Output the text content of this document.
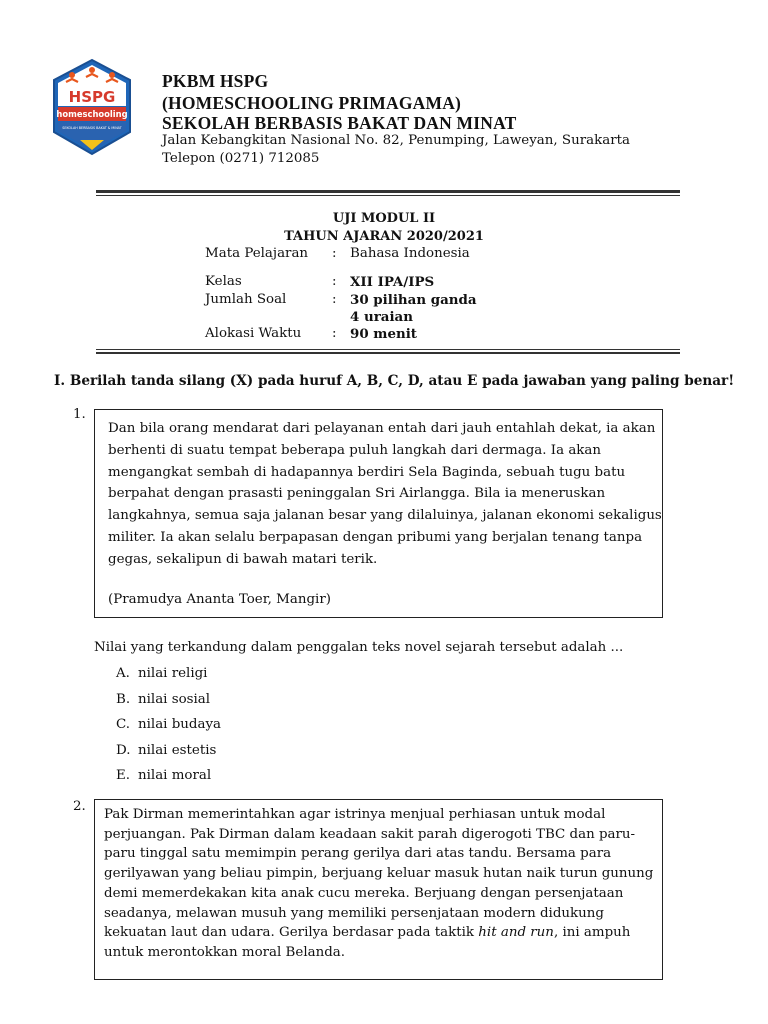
HSPG
homeschooling
SEKOLAH BERBASIS BAKAT & MINAT
PKBM HSPG
(HOMESCHOOLING PRIMAGAMA)
SEKOLAH BERBASIS BAKAT DAN MINAT
Jalan Kebangkitan Nasional No. 82, Penumping, Laweyan, Surakarta
Telepon (0271) 712085
UJI MODUL II
TAHUN AJARAN 2020/2021
Mata Pelajaran : Bahasa Indonesia
Kelas	: XII IPA/IPS
Jumlah Soal	: 30 pilihan ganda
4 uraian
Alokasi Waktu : 90 menit
I. Berilah tanda silang (X) pada huruf A, B, C, D, atau E pada jawaban yang paling benar!
1.

Dan bila orang mendarat dari pelayanan entah dari jauh entahlah dekat, ia akan

berhenti di suatu tempat beberapa puluh langkah dari dermaga. Ia akan

mengangkat sembah di hadapannya berdiri Sela Baginda, sebuah tugu batu

berpahat dengan prasasti peninggalan Sri Airlangga. Bila ia meneruskan

langkahnya, semua saja jalanan besar yang dilaluinya, jalanan ekonomi sekaligus

militer. Ia akan selalu berpapasan dengan pribumi yang berjalan tenang tanpa

gegas, sekalipun di bawah matari terik.

(Pramudya Ananta Toer, Mangir)

Nilai yang terkandung dalam penggalan teks novel sejarah tersebut adalah ...
A. nilai religi
B. nilai sosial
C. nilai budaya
D. nilai estetis
E. nilai moral
2.

Pak Dirman memerintahkan agar istrinya menjual perhiasan untuk modal

perjuangan. Pak Dirman dalam keadaan sakit parah digerogoti TBC dan paru-

paru tinggal satu memimpin perang gerilya dari atas tandu. Bersama para

gerilyawan yang beliau pimpin, berjuang keluar masuk hutan naik turun gunung

demi memerdekakan kita anak cucu mereka. Berjuang dengan persenjataan

seadanya, melawan musuh yang memiliki persenjataan modern didukung

kekuatan laut dan udara. Gerilya berdasar pada taktik hit and run, ini ampuh

untuk merontokkan moral Belanda.
